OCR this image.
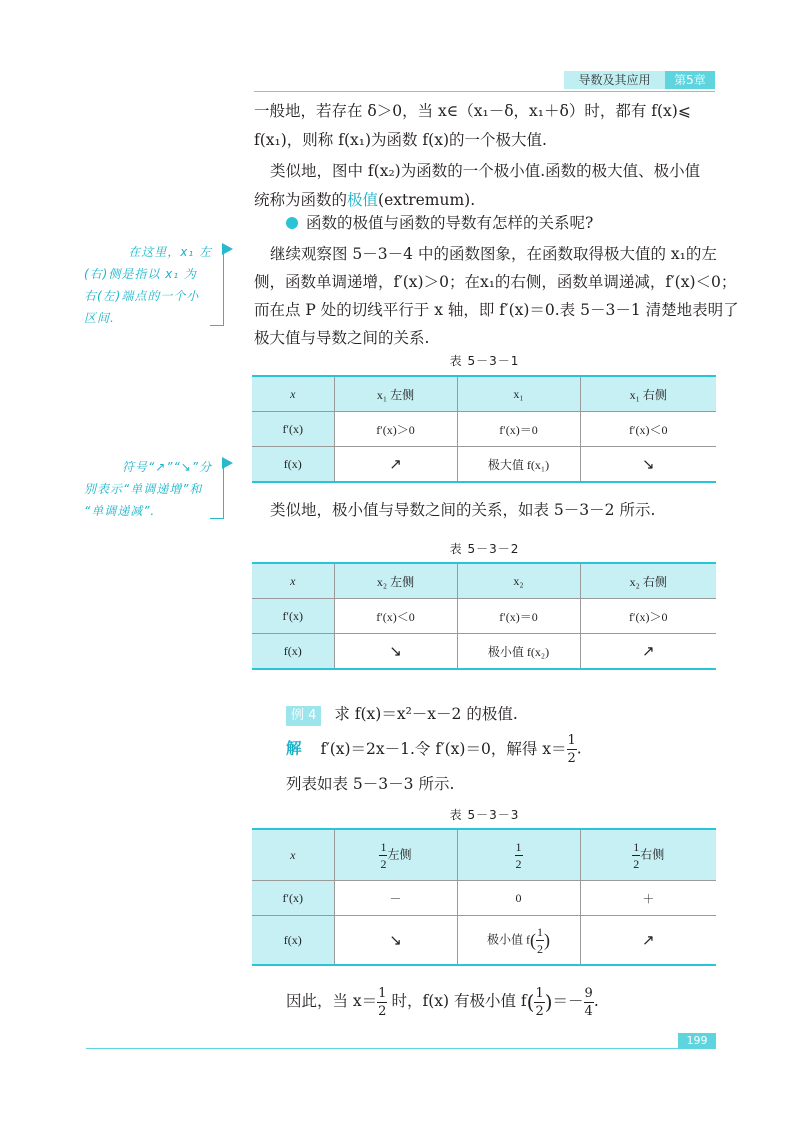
导数及其应用	第5章
一般地，若存在 δ＞0，当 x∈（x₁－δ，x₁＋δ）时，都有 f(x)⩽
f(x₁)，则称 f(x₁)为函数 f(x)的一个极大值.
类似地，图中 f(x₂)为函数的一个极小值.函数的极大值、极小值
统称为函数的极值(extremum).
函数的极值与函数的导数有怎样的关系呢?
继续观察图 5－3－4 中的函数图象，在函数取得极大值的 x₁的左
侧，函数单调递增，f′(x)＞0；在x₁的右侧，函数单调递减，f′(x)＜0；
而在点 P 处的切线平行于 x 轴，即 f′(x)＝0.表 5－3－1 清楚地表明了
极大值与导数之间的关系.
在这里，x₁ 左
(右)侧是指以 x₁ 为
右(左)端点的一个小
区间.
表 5－3－1
x	x₁ 左侧	x₁	x₁ 右侧
f′(x)	f′(x)＞0	f′(x)＝0	f′(x)＜0
f(x)	↗	极大值 f(x₁)	↘
符号“↗”“↘”分
别表示“单调递增”和
“单调递减”.	类似地，极小值与导数之间的关系，如表 5－3－2 所示.
表 5－3－2
x	x₂ 左侧	x₂	x₂ 右侧
f′(x)	f′(x)＜0	f′(x)＝0	f′(x)＞0
f(x)	↘	极小值 f(x₂)	↗
例 4 求 f(x)＝x²－x－2 的极值.
解 f′(x)＝2x－1.令 f′(x)＝0，解得 $x= \frac{1}{2}$ .
列表如表 5－3－3 所示.
表 5－3－3
x	$\frac{1}{2}$ 左侧	$\frac{1}{2}$	$\frac{1}{2}$ 右侧
f′(x)	－	0	＋
f(x)	↘	极小值 $f( \frac{1}{2}$ )	↗
因此，当 $x= \frac{1}{2}$ 时，f(x) 有极小值 $f( \frac{1}{2}$ )＝－ $\frac{9}{4}$ .
199
